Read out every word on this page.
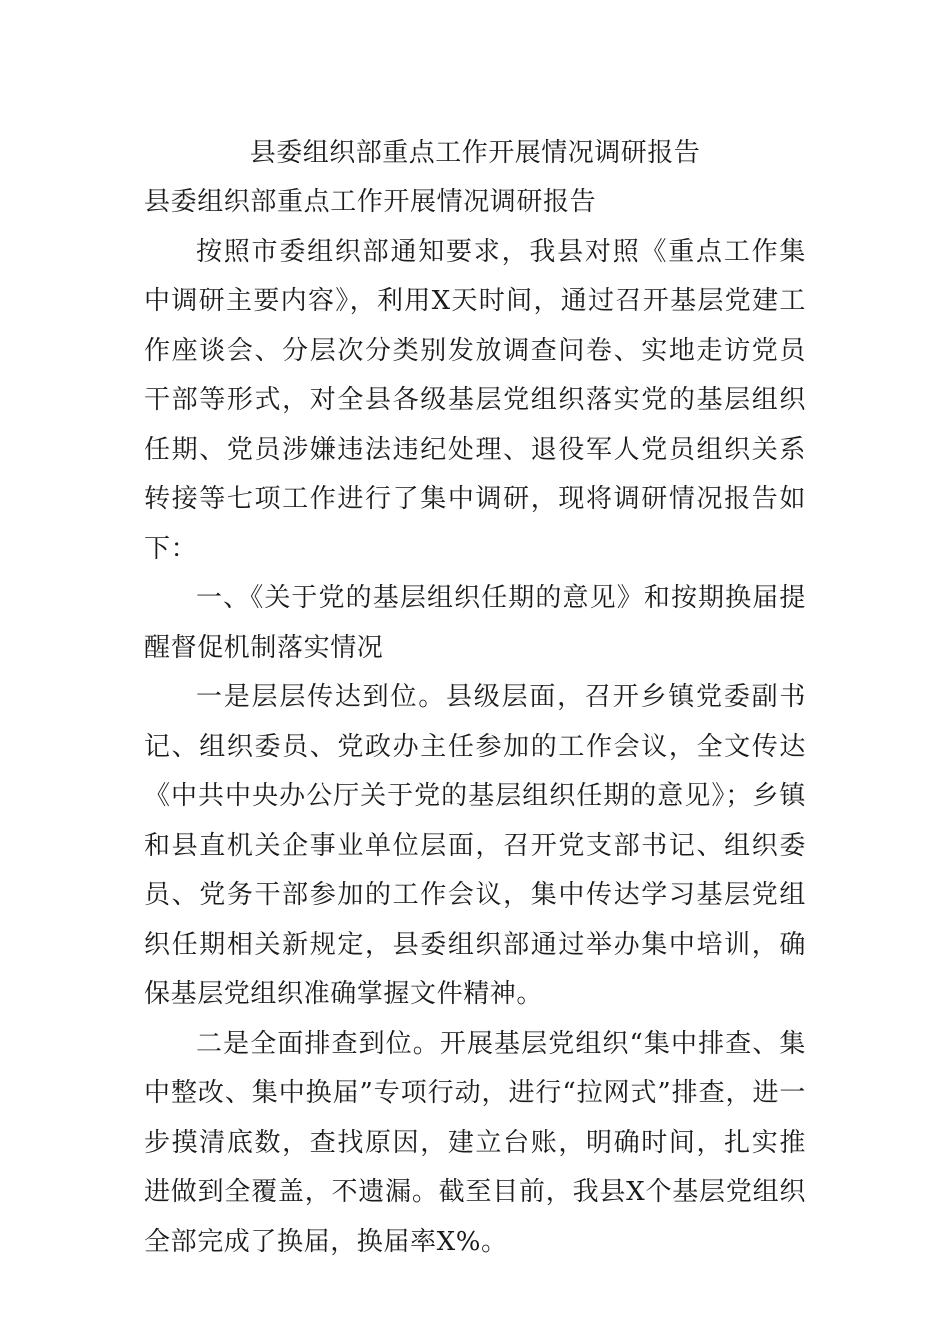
县委组织部重点工作开展情况调研报告

县委组织部重点工作开展情况调研报告

按照市委组织部通知要求，我县对照《重点工作集中调研主要内容》，利用X天时间，通过召开基层党建工作座谈会、分层次分类别发放调查问卷、实地走访党员干部等形式，对全县各级基层党组织落实党的基层组织任期、党员涉嫌违法违纪处理、退役军人党员组织关系转接等七项工作进行了集中调研，现将调研情况报告如下：

一、《关于党的基层组织任期的意见》和按期换届提醒督促机制落实情况

一是层层传达到位。县级层面，召开乡镇党委副书记、组织委员、党政办主任参加的工作会议，全文传达《中共中央办公厅关于党的基层组织任期的意见》；乡镇和县直机关企事业单位层面，召开党支部书记、组织委员、党务干部参加的工作会议，集中传达学习基层党组织任期相关新规定，县委组织部通过举办集中培训，确保基层党组织准确掌握文件精神。

二是全面排查到位。开展基层党组织“集中排查、集中整改、集中换届”专项行动，进行“拉网式”排查，进一步摸清底数，查找原因，建立台账，明确时间，扎实推进做到全覆盖，不遗漏。截至目前，我县X个基层党组织全部完成了换届，换届率X%。
